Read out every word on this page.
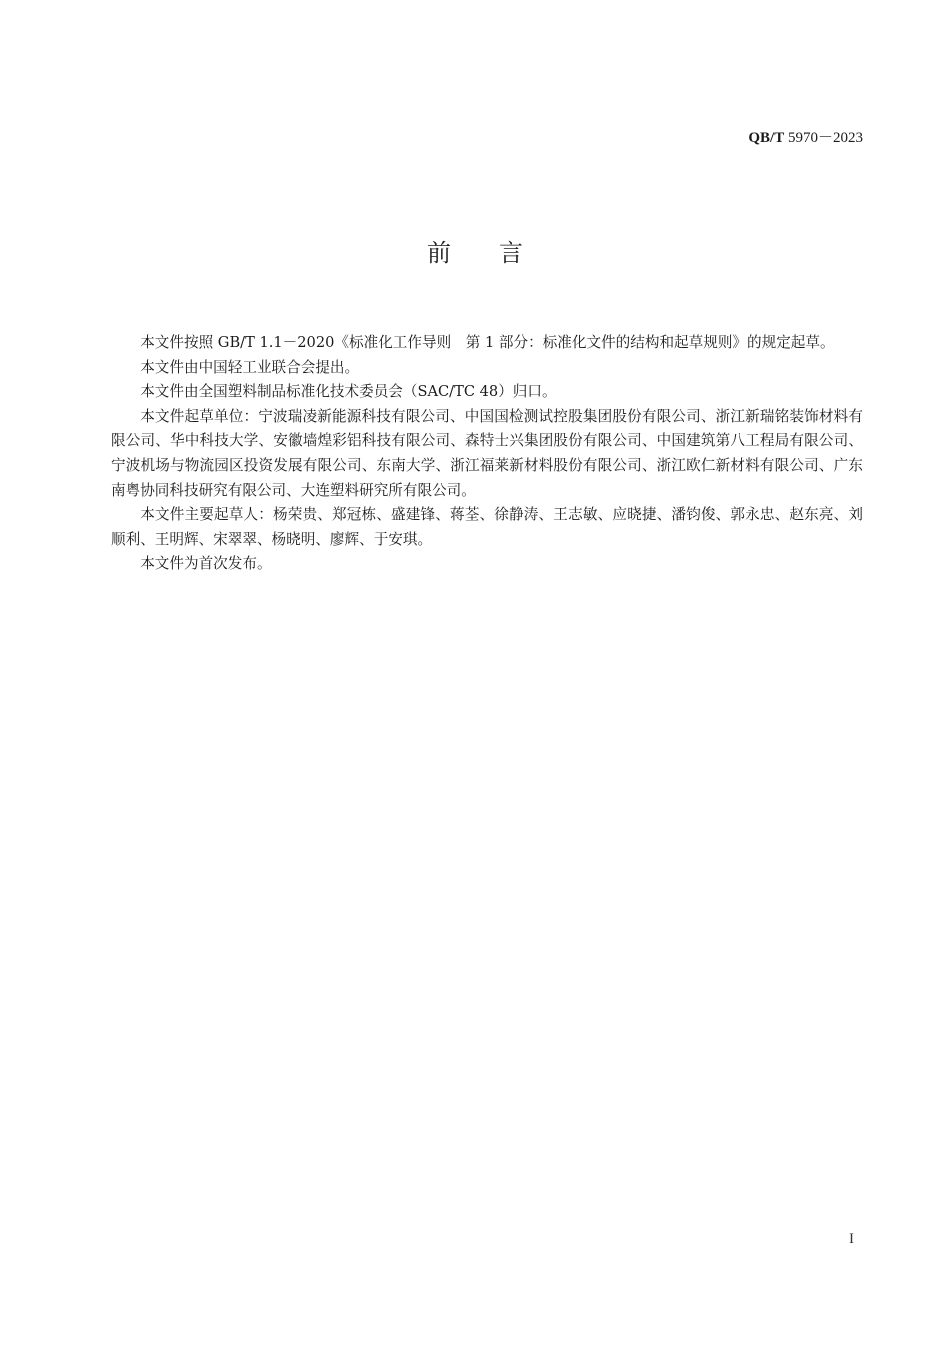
QB/T 5970－2023
前 言

本文件按照 GB/T 1.1－2020《标准化工作导则　第 1 部分：标准化文件的结构和起草规则》的规定起草。

本文件由中国轻工业联合会提出。

本文件由全国塑料制品标准化技术委员会（SAC/TC 48）归口。

本文件起草单位：宁波瑞凌新能源科技有限公司、中国国检测试控股集团股份有限公司、浙江新瑞铭装饰材料有限公司、华中科技大学、安徽墙煌彩铝科技有限公司、森特士兴集团股份有限公司、中国建筑第八工程局有限公司、宁波机场与物流园区投资发展有限公司、东南大学、浙江福莱新材料股份有限公司、浙江欧仁新材料有限公司、广东南粤协同科技研究有限公司、大连塑料研究所有限公司。

本文件主要起草人：杨荣贵、郑冠栋、盛建锋、蒋荃、徐静涛、王志敏、应晓捷、潘钧俊、郭永忠、赵东亮、刘顺利、王明辉、宋翠翠、杨晓明、廖辉、于安琪。

本文件为首次发布。

I
